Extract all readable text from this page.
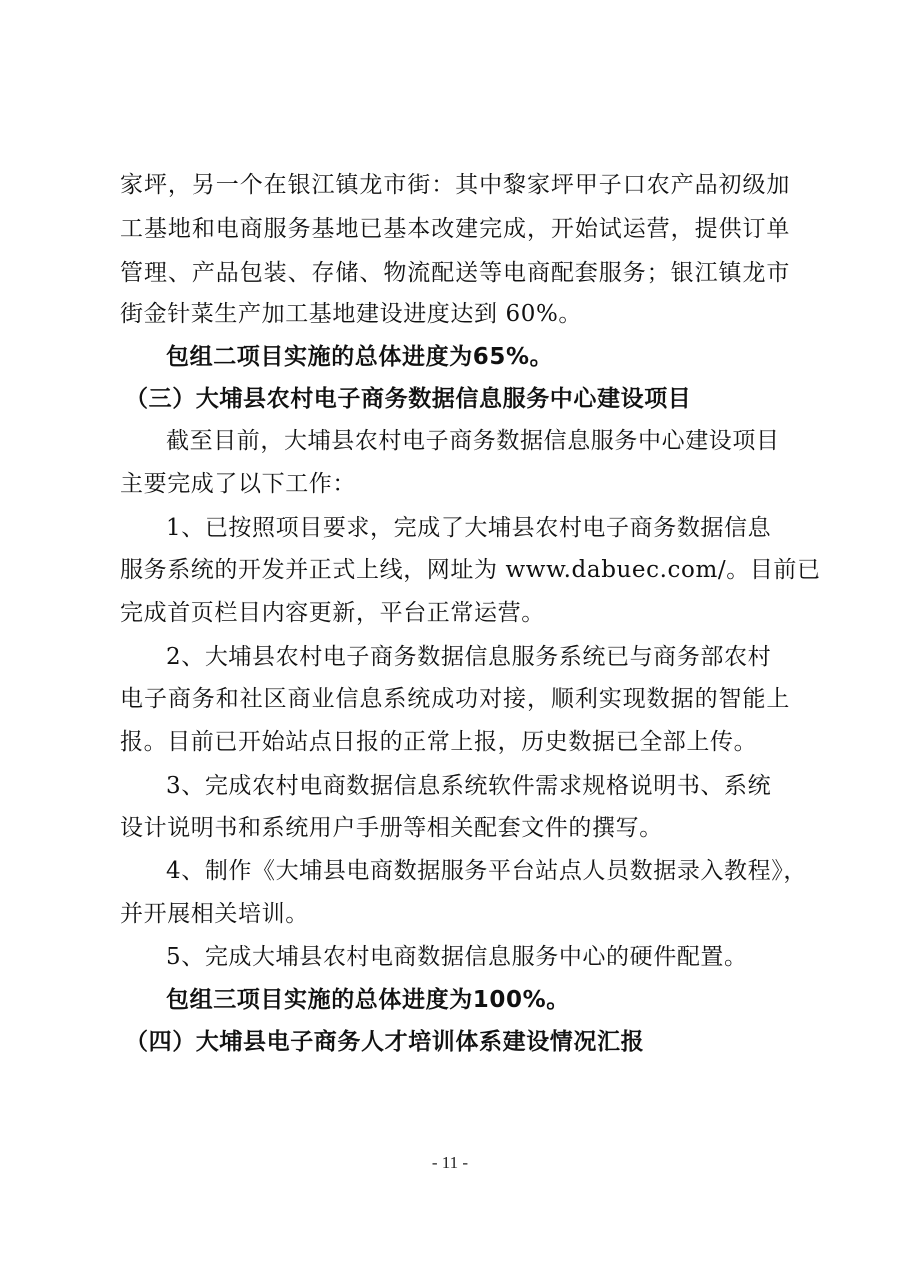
家坪，另一个在银江镇龙市街：其中黎家坪甲子口农产品初级加
工基地和电商服务基地已基本改建完成，开始试运营，提供订单
管理、产品包装、存储、物流配送等电商配套服务；银江镇龙市
街金针菜生产加工基地建设进度达到 60%。
包组二项目实施的总体进度为65%。
（三）大埔县农村电子商务数据信息服务中心建设项目
截至目前，大埔县农村电子商务数据信息服务中心建设项目
主要完成了以下工作：
1、已按照项目要求，完成了大埔县农村电子商务数据信息
服务系统的开发并正式上线，网址为 www.dabuec.com/。目前已
完成首页栏目内容更新，平台正常运营。
2、大埔县农村电子商务数据信息服务系统已与商务部农村
电子商务和社区商业信息系统成功对接，顺利实现数据的智能上
报。目前已开始站点日报的正常上报，历史数据已全部上传。
3、完成农村电商数据信息系统软件需求规格说明书、系统
设计说明书和系统用户手册等相关配套文件的撰写。
4、制作《大埔县电商数据服务平台站点人员数据录入教程》，
并开展相关培训。
5、完成大埔县农村电商数据信息服务中心的硬件配置。
包组三项目实施的总体进度为100%。
（四）大埔县电子商务人才培训体系建设情况汇报
- 11 -
